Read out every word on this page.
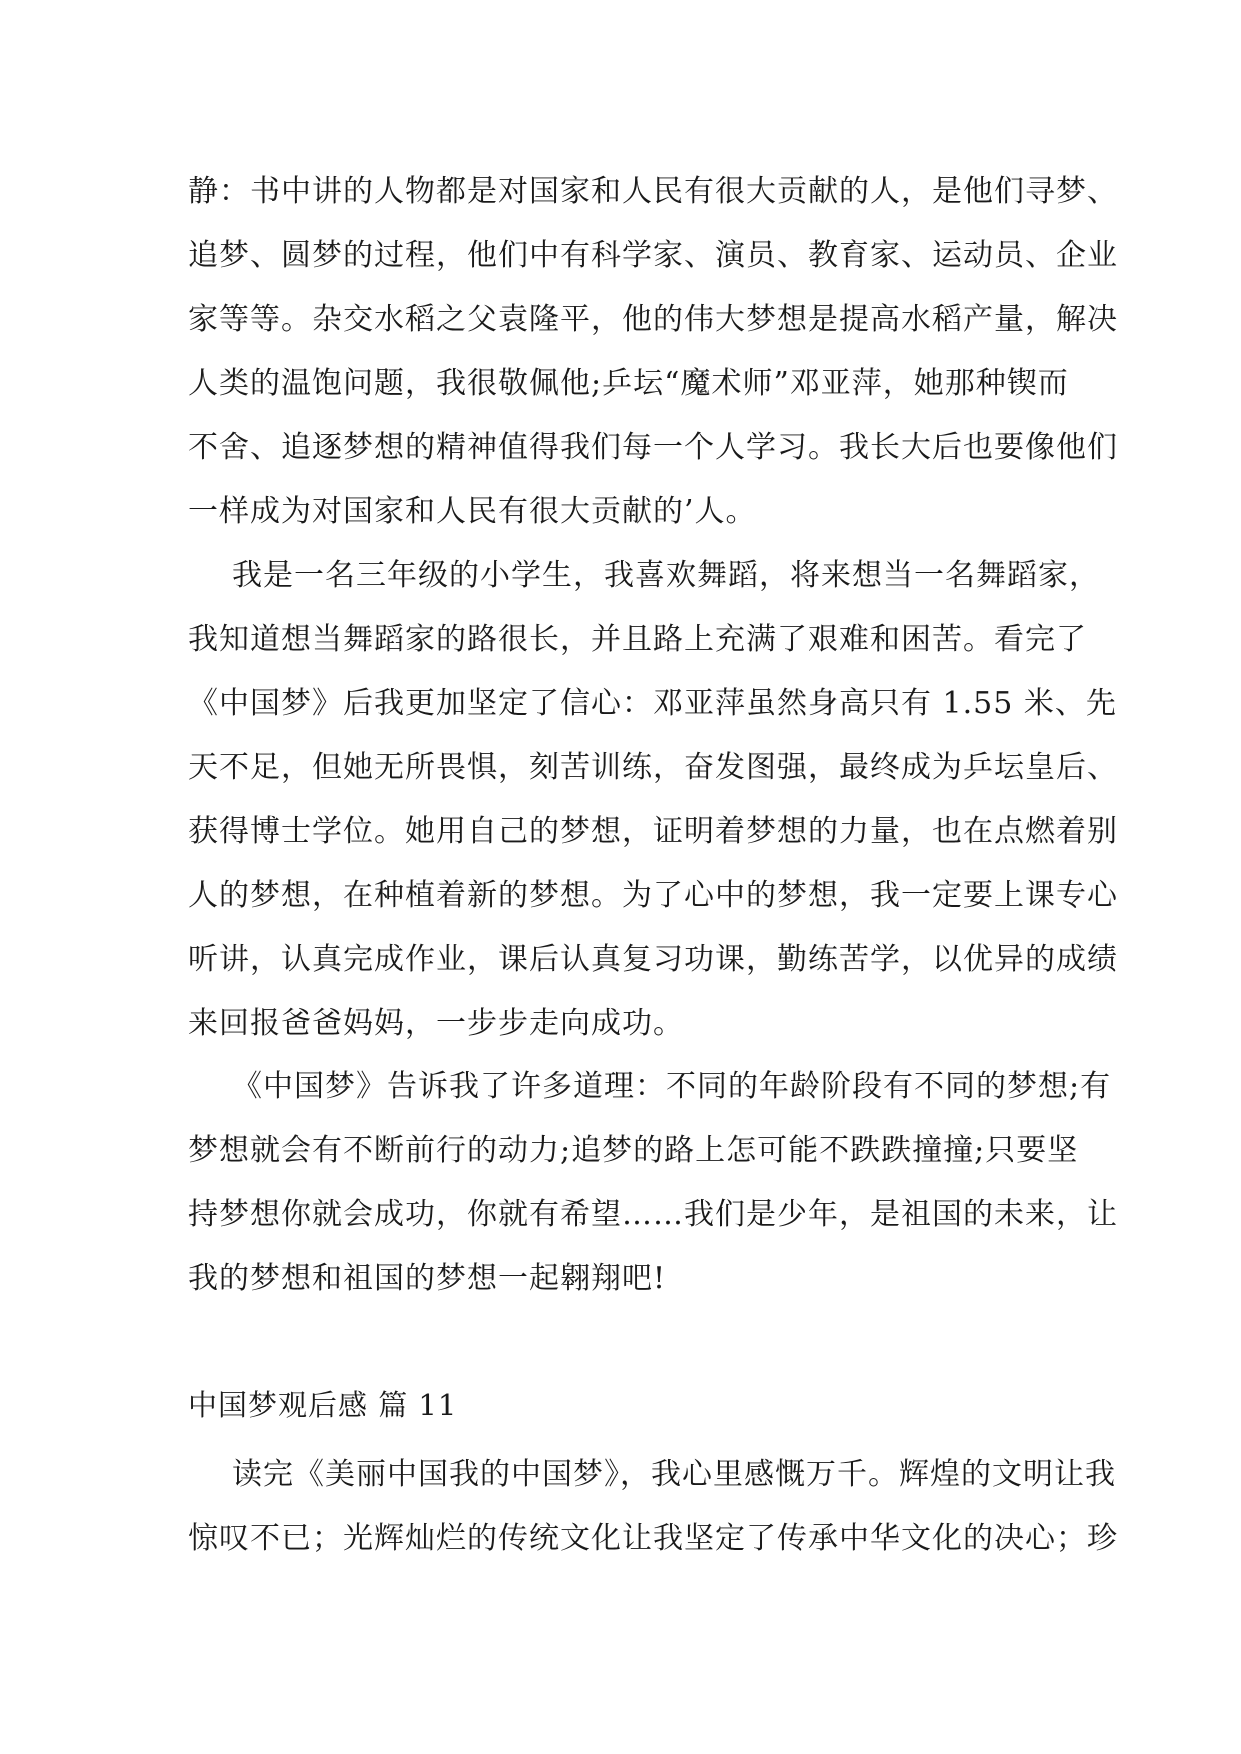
静：书中讲的人物都是对国家和人民有很大贡献的人，是他们寻梦、
追梦、圆梦的过程，他们中有科学家、演员、教育家、运动员、企业
家等等。杂交水稻之父袁隆平，他的伟大梦想是提高水稻产量，解决
人类的温饱问题，我很敬佩他;乒坛“魔术师”邓亚萍，她那种锲而
不舍、追逐梦想的精神值得我们每一个人学习。我长大后也要像他们
一样成为对国家和人民有很大贡献的’人。
我是一名三年级的小学生，我喜欢舞蹈，将来想当一名舞蹈家，
我知道想当舞蹈家的路很长，并且路上充满了艰难和困苦。看完了
《中国梦》后我更加坚定了信心：邓亚萍虽然身高只有 1.55 米、先
天不足，但她无所畏惧，刻苦训练，奋发图强，最终成为乒坛皇后、
获得博士学位。她用自己的梦想，证明着梦想的力量，也在点燃着别
人的梦想，在种植着新的梦想。为了心中的梦想，我一定要上课专心
听讲，认真完成作业，课后认真复习功课，勤练苦学，以优异的成绩
来回报爸爸妈妈，一步步走向成功。
《中国梦》告诉我了许多道理：不同的年龄阶段有不同的梦想;有
梦想就会有不断前行的动力;追梦的路上怎可能不跌跌撞撞;只要坚
持梦想你就会成功，你就有希望……我们是少年，是祖国的未来，让
我的梦想和祖国的梦想一起翱翔吧!
中国梦观后感 篇 11
读完《美丽中国我的中国梦》，我心里感慨万千。辉煌的文明让我
惊叹不已；光辉灿烂的传统文化让我坚定了传承中华文化的决心；珍
